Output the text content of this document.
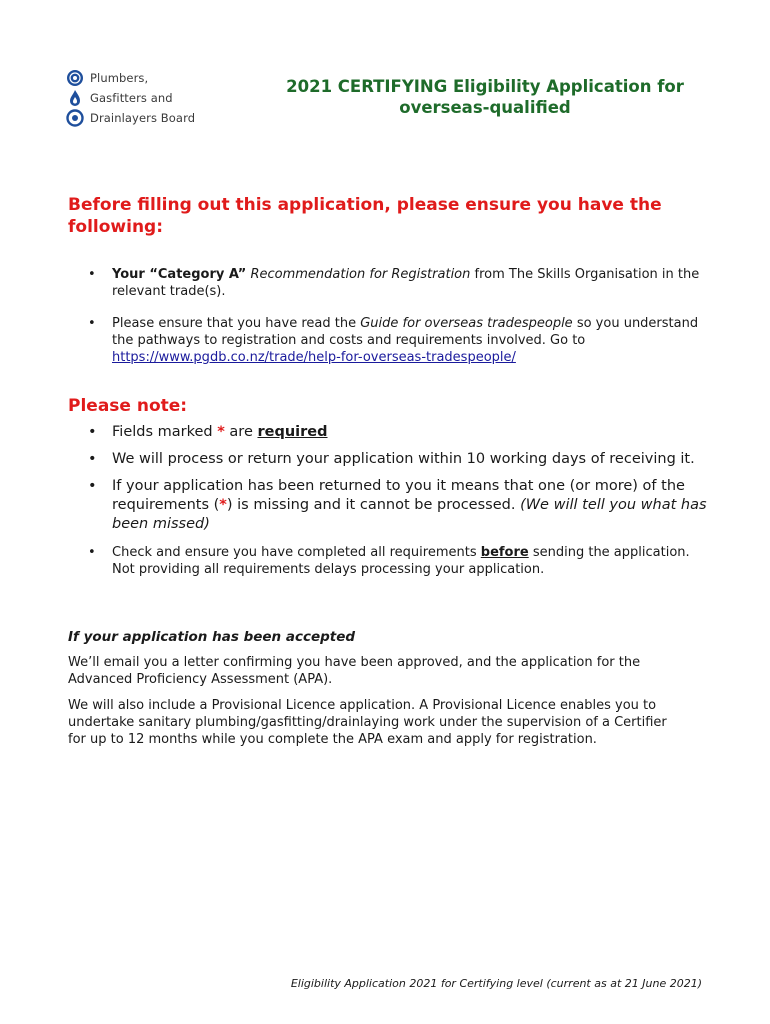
Plumbers,
Gasfitters and
Drainlayers Board
2021 CERTIFYING Eligibility Application for
overseas-qualified

Before filling out this application, please ensure you have the following:

• Your “Category A” Recommendation for Registration from The Skills Organisation in the relevant trade(s).

• Please ensure that you have read the Guide for overseas tradespeople so you understand the pathways to registration and costs and requirements involved. Go to https://www.pgdb.co.nz/trade/help-for-overseas-tradespeople/

Please note:

• Fields marked * are required

• We will process or return your application within 10 working days of receiving it.

• If your application has been returned to you it means that one (or more) of the requirements (*) is missing and it cannot be processed. (We will tell you what has been missed)

• Check and ensure you have completed all requirements before sending the application. Not providing all requirements delays processing your application.

If your application has been accepted

We’ll email you a letter confirming you have been approved, and the application for the Advanced Proficiency Assessment (APA).

We will also include a Provisional Licence application. A Provisional Licence enables you to undertake sanitary plumbing/gasfitting/drainlaying work under the supervision of a Certifier for up to 12 months while you complete the APA exam and apply for registration.

Eligibility Application 2021 for Certifying level (current as at 21 June 2021)
